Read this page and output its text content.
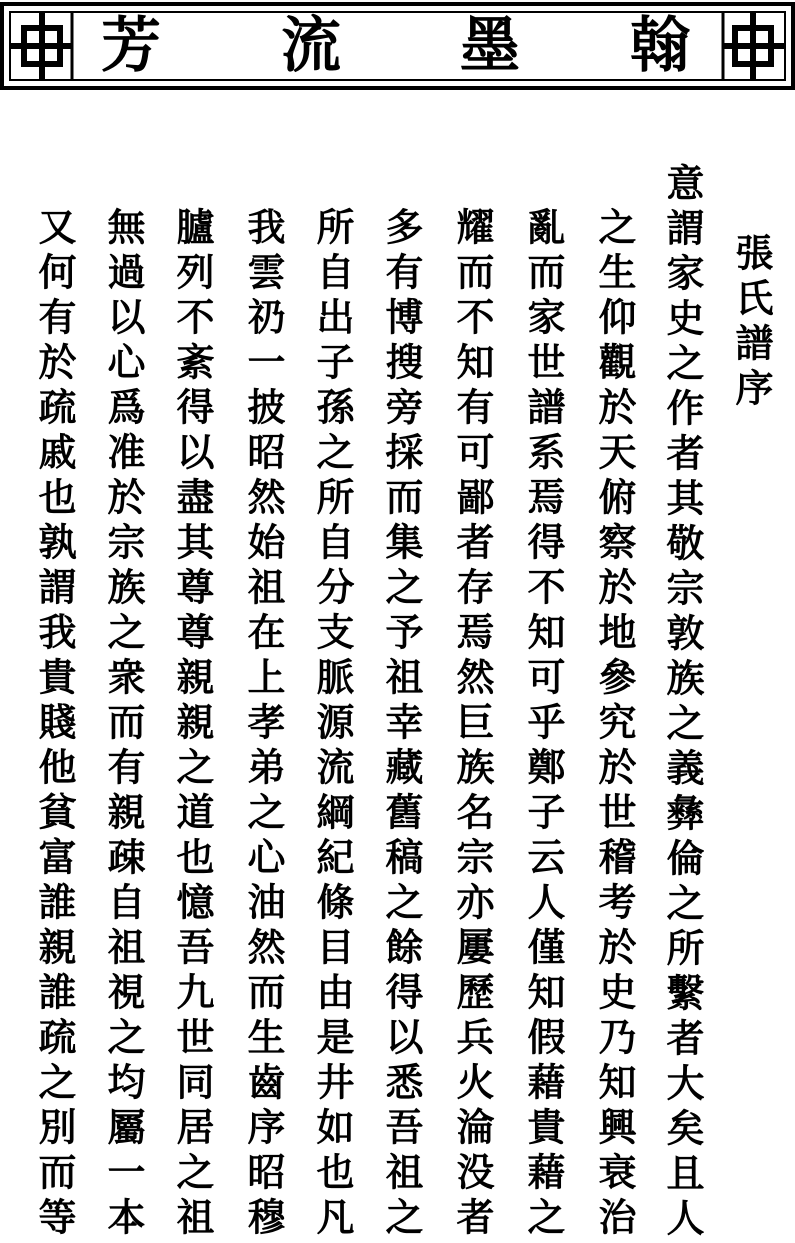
芳 流 墨 翰
張氏譜序
意謂家史之作者其敬宗敦族之義彝倫之所繫者大矣且人
之生仰觀於天俯察於地參究於世稽考於史乃知興衰治
亂而家世譜系焉得不知可乎鄭子云人僅知假藉貴藉之
耀而不知有可鄙者存焉然巨族名宗亦屢歷兵火淪没者
多有博搜旁採而集之予祖幸藏舊稿之餘得以悉吾祖之
所自出子孫之所自分支脈源流綱紀條目由是井如也凡
我雲礽一披昭然始祖在上孝弟之心油然而生齒序昭穆
臚列不紊得以盡其尊尊親親之道也憶吾九世同居之祖
無過以心爲准於宗族之衆而有親疎自祖視之均屬一本
又何有於疏戚也孰謂我貴賤他貧富誰親誰疏之別而等
